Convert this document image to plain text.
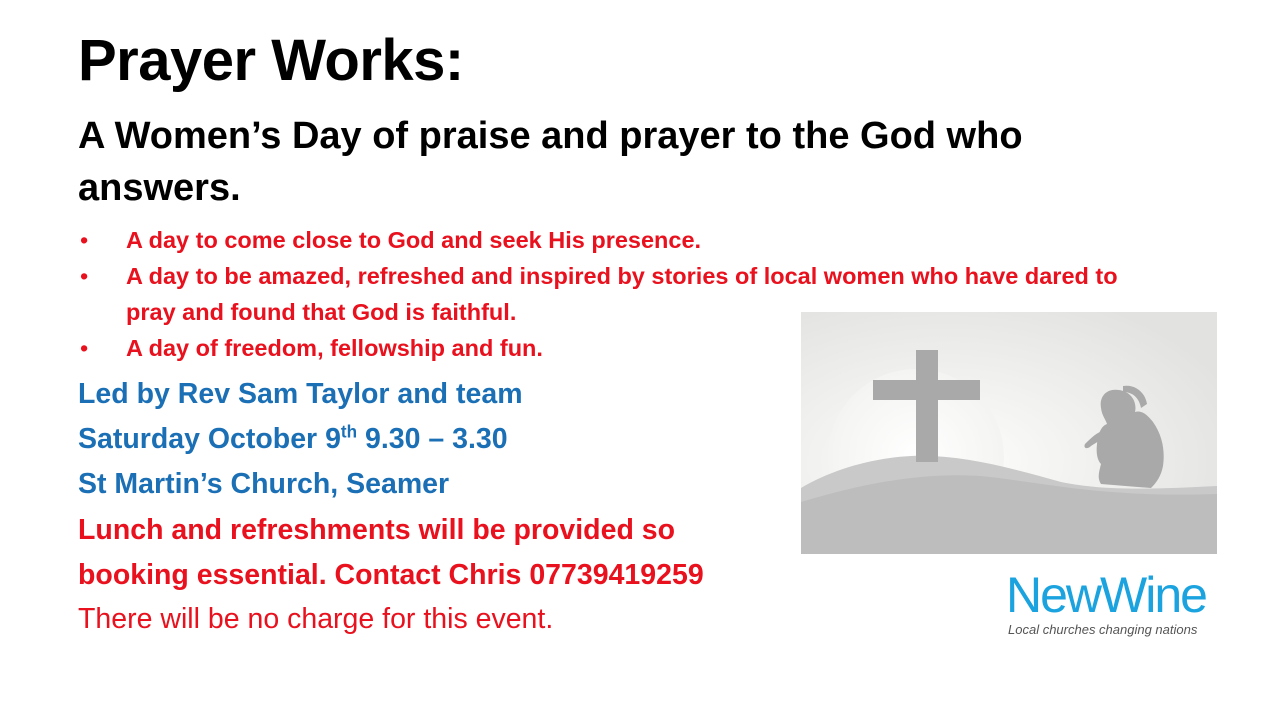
Prayer Works:
A Women’s Day of praise and prayer to the God who answers.
• A day to come close to God and seek His presence.
• A day to be amazed, refreshed and inspired by stories of local women who have dared to pray and found that God is faithful.
• A day of freedom, fellowship and fun.
Led by Rev Sam Taylor and team
Saturday October 9th 9.30 – 3.30
St Martin’s Church, Seamer
Lunch and refreshments will be provided so
booking essential. Contact Chris 07739419259
There will be no charge for this event.	NewWine
Local churches changing nations
